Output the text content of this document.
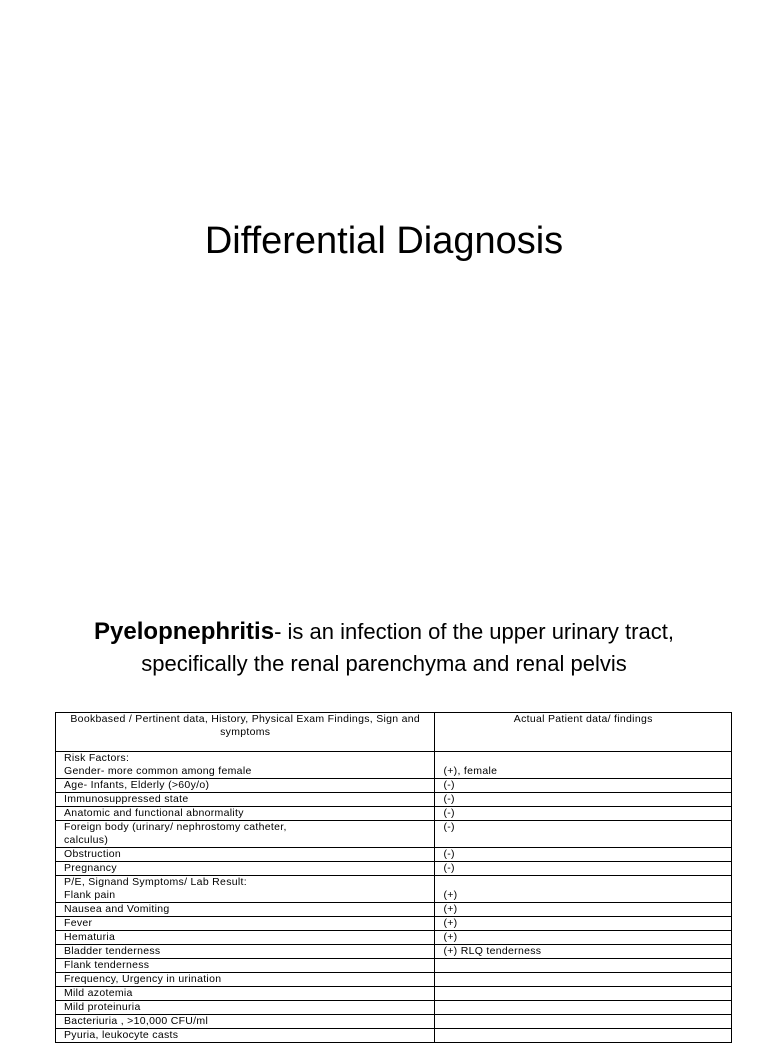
Differential Diagnosis
Pyelopnephritis- is an infection of the upper urinary tract,
specifically the renal parenchyma and renal pelvis
Bookbased / Pertinent data, History, Physical Exam Findings, Sign and symptoms	Actual Patient data/ findings

Risk Factors:
Gender- more common among female	(+), female

Age- Infants, Elderly (>60y/o)	(-)

Immunosuppressed state	(-)

Anatomic and functional abnormality	(-)

Foreign body (urinary/ nephrostomy catheter,
calculus)	(-)

Obstruction	(-)

Pregnancy	(-)

P/E, Signand Symptoms/ Lab Result:
Flank pain	(+)

Nausea and Vomiting	(+)

Fever	(+)

Hematuria	(+)

Bladder tenderness	(+) RLQ tenderness

Flank tenderness	

Frequency, Urgency in urination	

Mild azotemia	

Mild proteinuria	

Bacteriuria , >10,000 CFU/ml	

Pyuria, leukocyte casts	
